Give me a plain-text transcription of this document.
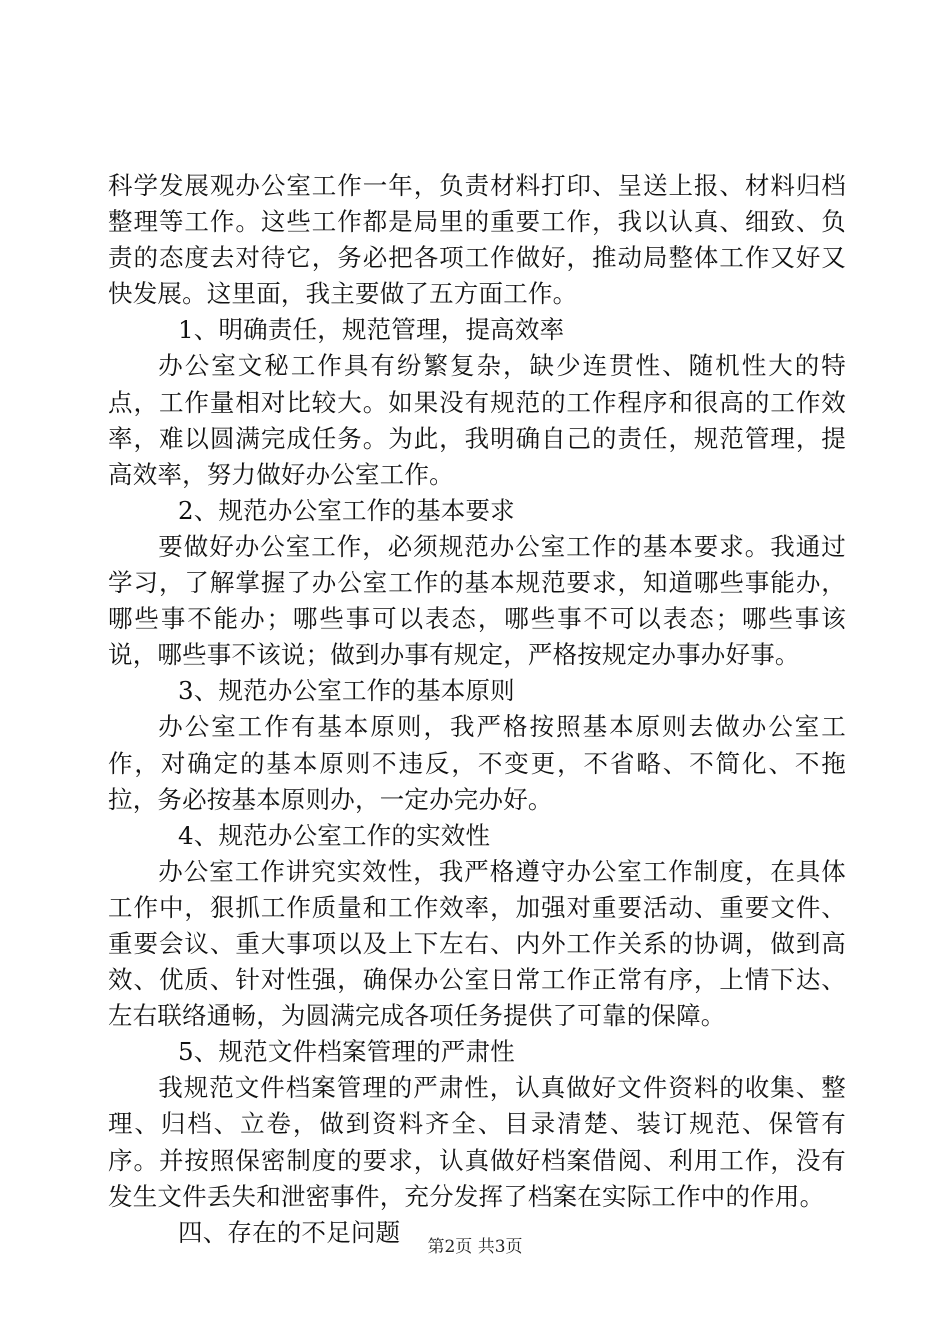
科学发展观办公室工作一年，负责材料打印、呈送上报、材料归档整理等工作。这些工作都是局里的重要工作，我以认真、细致、负责的态度去对待它，务必把各项工作做好，推动局整体工作又好又快发展。这里面，我主要做了五方面工作。

1、明确责任，规范管理，提高效率

办公室文秘工作具有纷繁复杂，缺少连贯性、随机性大的特点，工作量相对比较大。如果没有规范的工作程序和很高的工作效率，难以圆满完成任务。为此，我明确自己的责任，规范管理，提高效率，努力做好办公室工作。

2、规范办公室工作的基本要求

要做好办公室工作，必须规范办公室工作的基本要求。我通过学习，了解掌握了办公室工作的基本规范要求，知道哪些事能办，哪些事不能办；哪些事可以表态，哪些事不可以表态；哪些事该说，哪些事不该说；做到办事有规定，严格按规定办事办好事。

3、规范办公室工作的基本原则

办公室工作有基本原则，我严格按照基本原则去做办公室工作，对确定的基本原则不违反，不变更，不省略、不简化、不拖拉，务必按基本原则办，一定办完办好。

4、规范办公室工作的实效性

办公室工作讲究实效性，我严格遵守办公室工作制度，在具体工作中，狠抓工作质量和工作效率，加强对重要活动、重要文件、重要会议、重大事项以及上下左右、内外工作关系的协调，做到高效、优质、针对性强，确保办公室日常工作正常有序，上情下达、左右联络通畅，为圆满完成各项任务提供了可靠的保障。

5、规范文件档案管理的严肃性

我规范文件档案管理的严肃性，认真做好文件资料的收集、整理、归档、立卷，做到资料齐全、目录清楚、装订规范、保管有序。并按照保密制度的要求，认真做好档案借阅、利用工作，没有发生文件丢失和泄密事件，充分发挥了档案在实际工作中的作用。

四、存在的不足问题

第2页 共3页
